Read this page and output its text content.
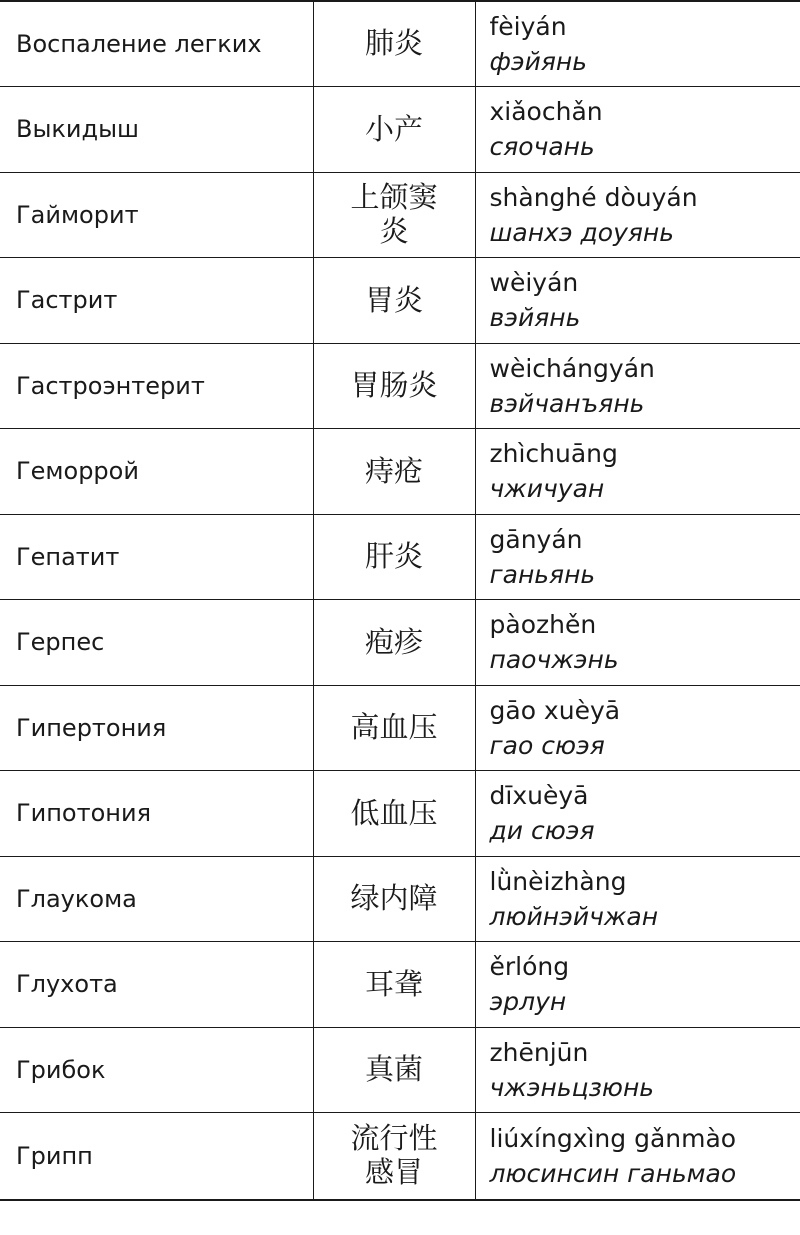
Воспаление легких	肺炎	fèiyán
фэйянь

Выкидыш	小产	xiǎochǎn
сяочань

Гайморит	上颌窦炎	shànghé dòuyán
шанхэ доуянь

Гастрит	胃炎	wèiyán
вэйянь

Гастроэнтерит	胃肠炎	wèichángyán
вэйчанъянь

Геморрой	痔疮	zhìchuāng
чжичуан

Гепатит	肝炎	gānyán
ганьянь

Герпес	疱疹	pàozhěn
паочжэнь

Гипертония	高血压	gāo xuèyā
гао сюэя

Гипотония	低血压	dīxuèyā
ди сюэя

Глаукома	绿内障	lǜnèizhàng
люйнэйчжан

Глухота	耳聋	ěrlóng
эрлун

Грибок	真菌	zhēnjūn
чжэньцзюнь

Грипп	流行性感冒	liúxíngxìng gǎnmào
люсинсин ганьмао
